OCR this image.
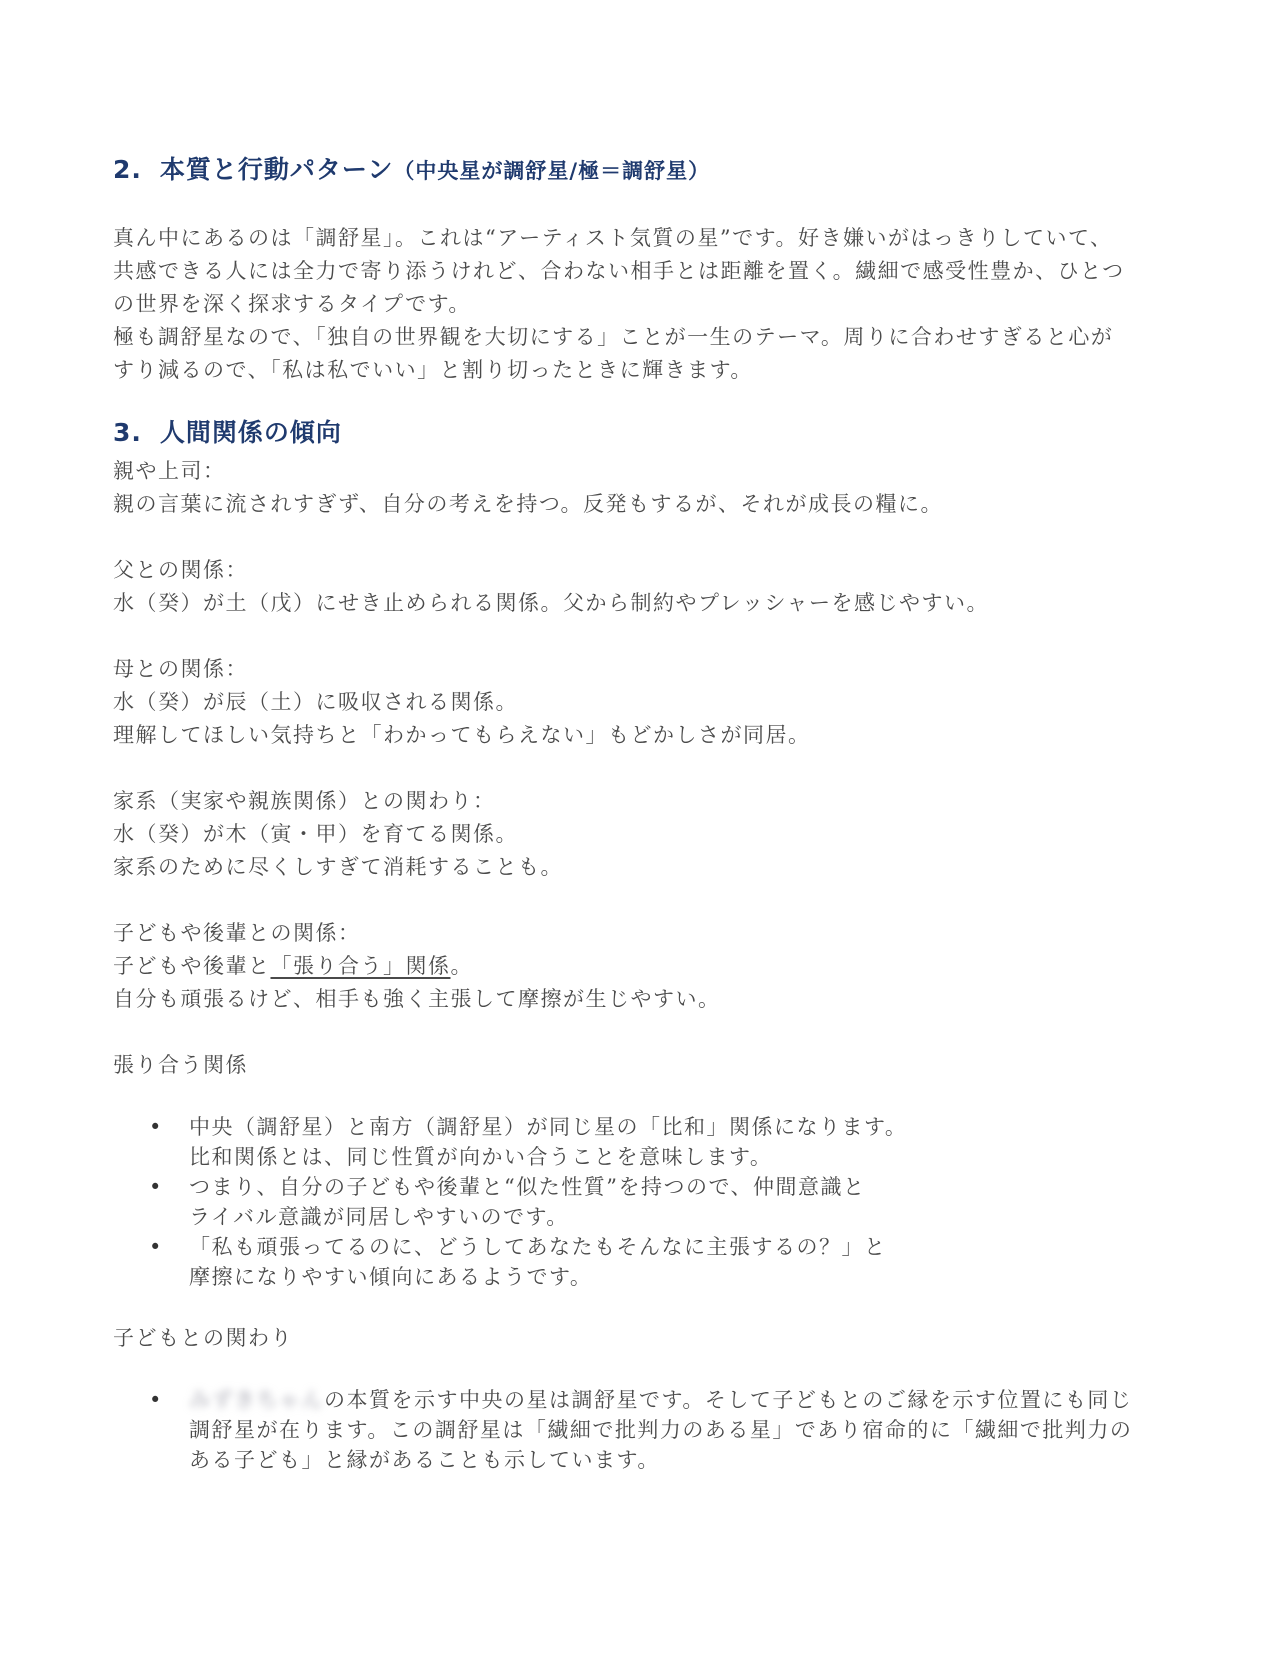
2. 本質と行動パターン（中央星が調舒星/極＝調舒星）

真ん中にあるのは「調舒星」。これは“アーティスト気質の星”です。好き嫌いがはっきりしていて、

共感できる人には全力で寄り添うけれど、合わない相手とは距離を置く。繊細で感受性豊か、ひとつ

の世界を深く探求するタイプです。

極も調舒星なので、「独自の世界観を大切にする」ことが一生のテーマ。周りに合わせすぎると心が

すり減るので、「私は私でいい」と割り切ったときに輝きます。

3. 人間関係の傾向

親や上司：

親の言葉に流されすぎず、自分の考えを持つ。反発もするが、それが成長の糧に。

父との関係：

水（癸）が土（戊）にせき止められる関係。父から制約やプレッシャーを感じやすい。

母との関係：

水（癸）が辰（土）に吸収される関係。

理解してほしい気持ちと「わかってもらえない」もどかしさが同居。

家系（実家や親族関係）との関わり：

水（癸）が木（寅・甲）を育てる関係。

家系のために尽くしすぎて消耗することも。

子どもや後輩との関係：

子どもや後輩と「張り合う」関係。

自分も頑張るけど、相手も強く主張して摩擦が生じやすい。

張り合う関係

• 中央（調舒星）と南方（調舒星）が同じ星の「比和」関係になります。
比和関係とは、同じ性質が向かい合うことを意味します。
• つまり、自分の子どもや後輩と“似た性質”を持つので、仲間意識と
ライバル意識が同居しやすいのです。
• 「私も頑張ってるのに、どうしてあなたもそんなに主張するの？」と
摩擦になりやすい傾向にあるようです。

子どもとの関わり

• みずきちゃんの本質を示す中央の星は調舒星です。そして子どもとのご縁を示す位置にも同じ
調舒星が在ります。この調舒星は「繊細で批判力のある星」であり宿命的に「繊細で批判力の
ある子ども」と縁があることも示しています。
